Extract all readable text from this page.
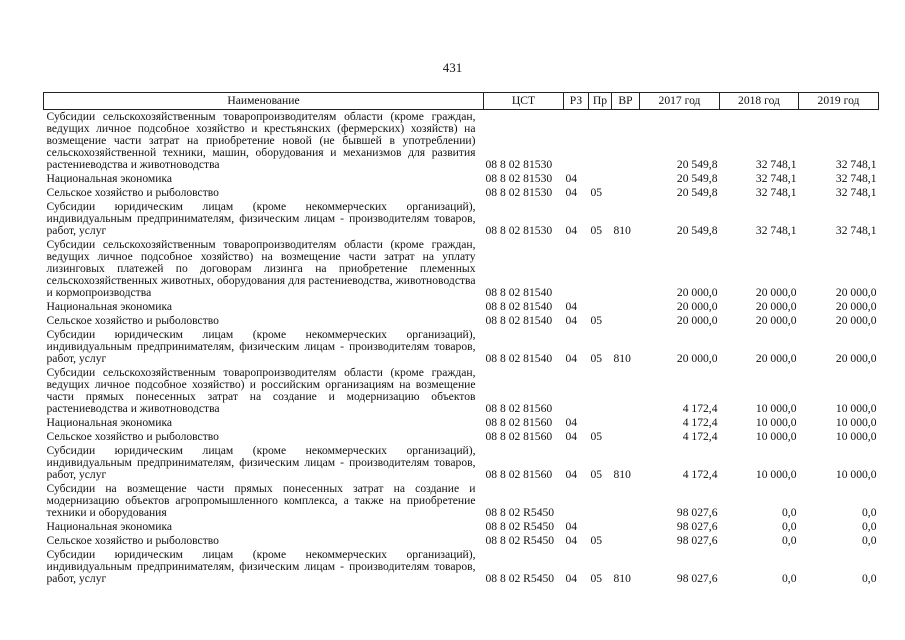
431
Наименование	ЦСТ	РЗ	Пр	ВР	2017 год	2018 год	2019 год
Субсидии сельскохозяйственным товаропроизводителям области (кроме граждан, ведущих личное подсобное хозяйство и крестьянских (фермерских) хозяйств) на возмещение части затрат на приобретение новой (не бывшей в употреблении) сельскохозяйственной техники, машин, оборудования и механизмов для развития растениеводства и животноводства	08 8 02 81530				20 549,8	32 748,1	32 748,1
Национальная экономика	08 8 02 81530	04			20 549,8	32 748,1	32 748,1
Сельское хозяйство и рыболовство	08 8 02 81530	04	05		20 549,8	32 748,1	32 748,1
Субсидии юридическим лицам (кроме некоммерческих организаций), индивидуальным предпринимателям, физическим лицам - производителям товаров, работ, услуг	08 8 02 81530	04	05	810	20 549,8	32 748,1	32 748,1
Субсидии сельскохозяйственным товаропроизводителям области (кроме граждан, ведущих личное подсобное хозяйство) на возмещение части затрат на уплату лизинговых платежей по договорам лизинга на приобретение племенных сельскохозяйственных животных, оборудования для растениеводства, животноводства и кормопроизводства	08 8 02 81540				20 000,0	20 000,0	20 000,0
Национальная экономика	08 8 02 81540	04			20 000,0	20 000,0	20 000,0
Сельское хозяйство и рыболовство	08 8 02 81540	04	05		20 000,0	20 000,0	20 000,0
Субсидии юридическим лицам (кроме некоммерческих организаций), индивидуальным предпринимателям, физическим лицам - производителям товаров, работ, услуг	08 8 02 81540	04	05	810	20 000,0	20 000,0	20 000,0
Субсидии сельскохозяйственным товаропроизводителям области (кроме граждан, ведущих личное подсобное хозяйство) и российским организациям на возмещение части прямых понесенных затрат на создание и модернизацию объектов растениеводства и животноводства	08 8 02 81560				4 172,4	10 000,0	10 000,0
Национальная экономика	08 8 02 81560	04			4 172,4	10 000,0	10 000,0
Сельское хозяйство и рыболовство	08 8 02 81560	04	05		4 172,4	10 000,0	10 000,0
Субсидии юридическим лицам (кроме некоммерческих организаций), индивидуальным предпринимателям, физическим лицам - производителям товаров, работ, услуг	08 8 02 81560	04	05	810	4 172,4	10 000,0	10 000,0
Субсидии на возмещение части прямых понесенных затрат на создание и модернизацию объектов агропромышленного комплекса, а также на приобретение техники и оборудования	08 8 02 R5450				98 027,6	0,0	0,0
Национальная экономика	08 8 02 R5450	04			98 027,6	0,0	0,0
Сельское хозяйство и рыболовство	08 8 02 R5450	04	05		98 027,6	0,0	0,0
Субсидии юридическим лицам (кроме некоммерческих организаций), индивидуальным предпринимателям, физическим лицам - производителям товаров, работ, услуг	08 8 02 R5450	04	05	810	98 027,6	0,0	0,0
